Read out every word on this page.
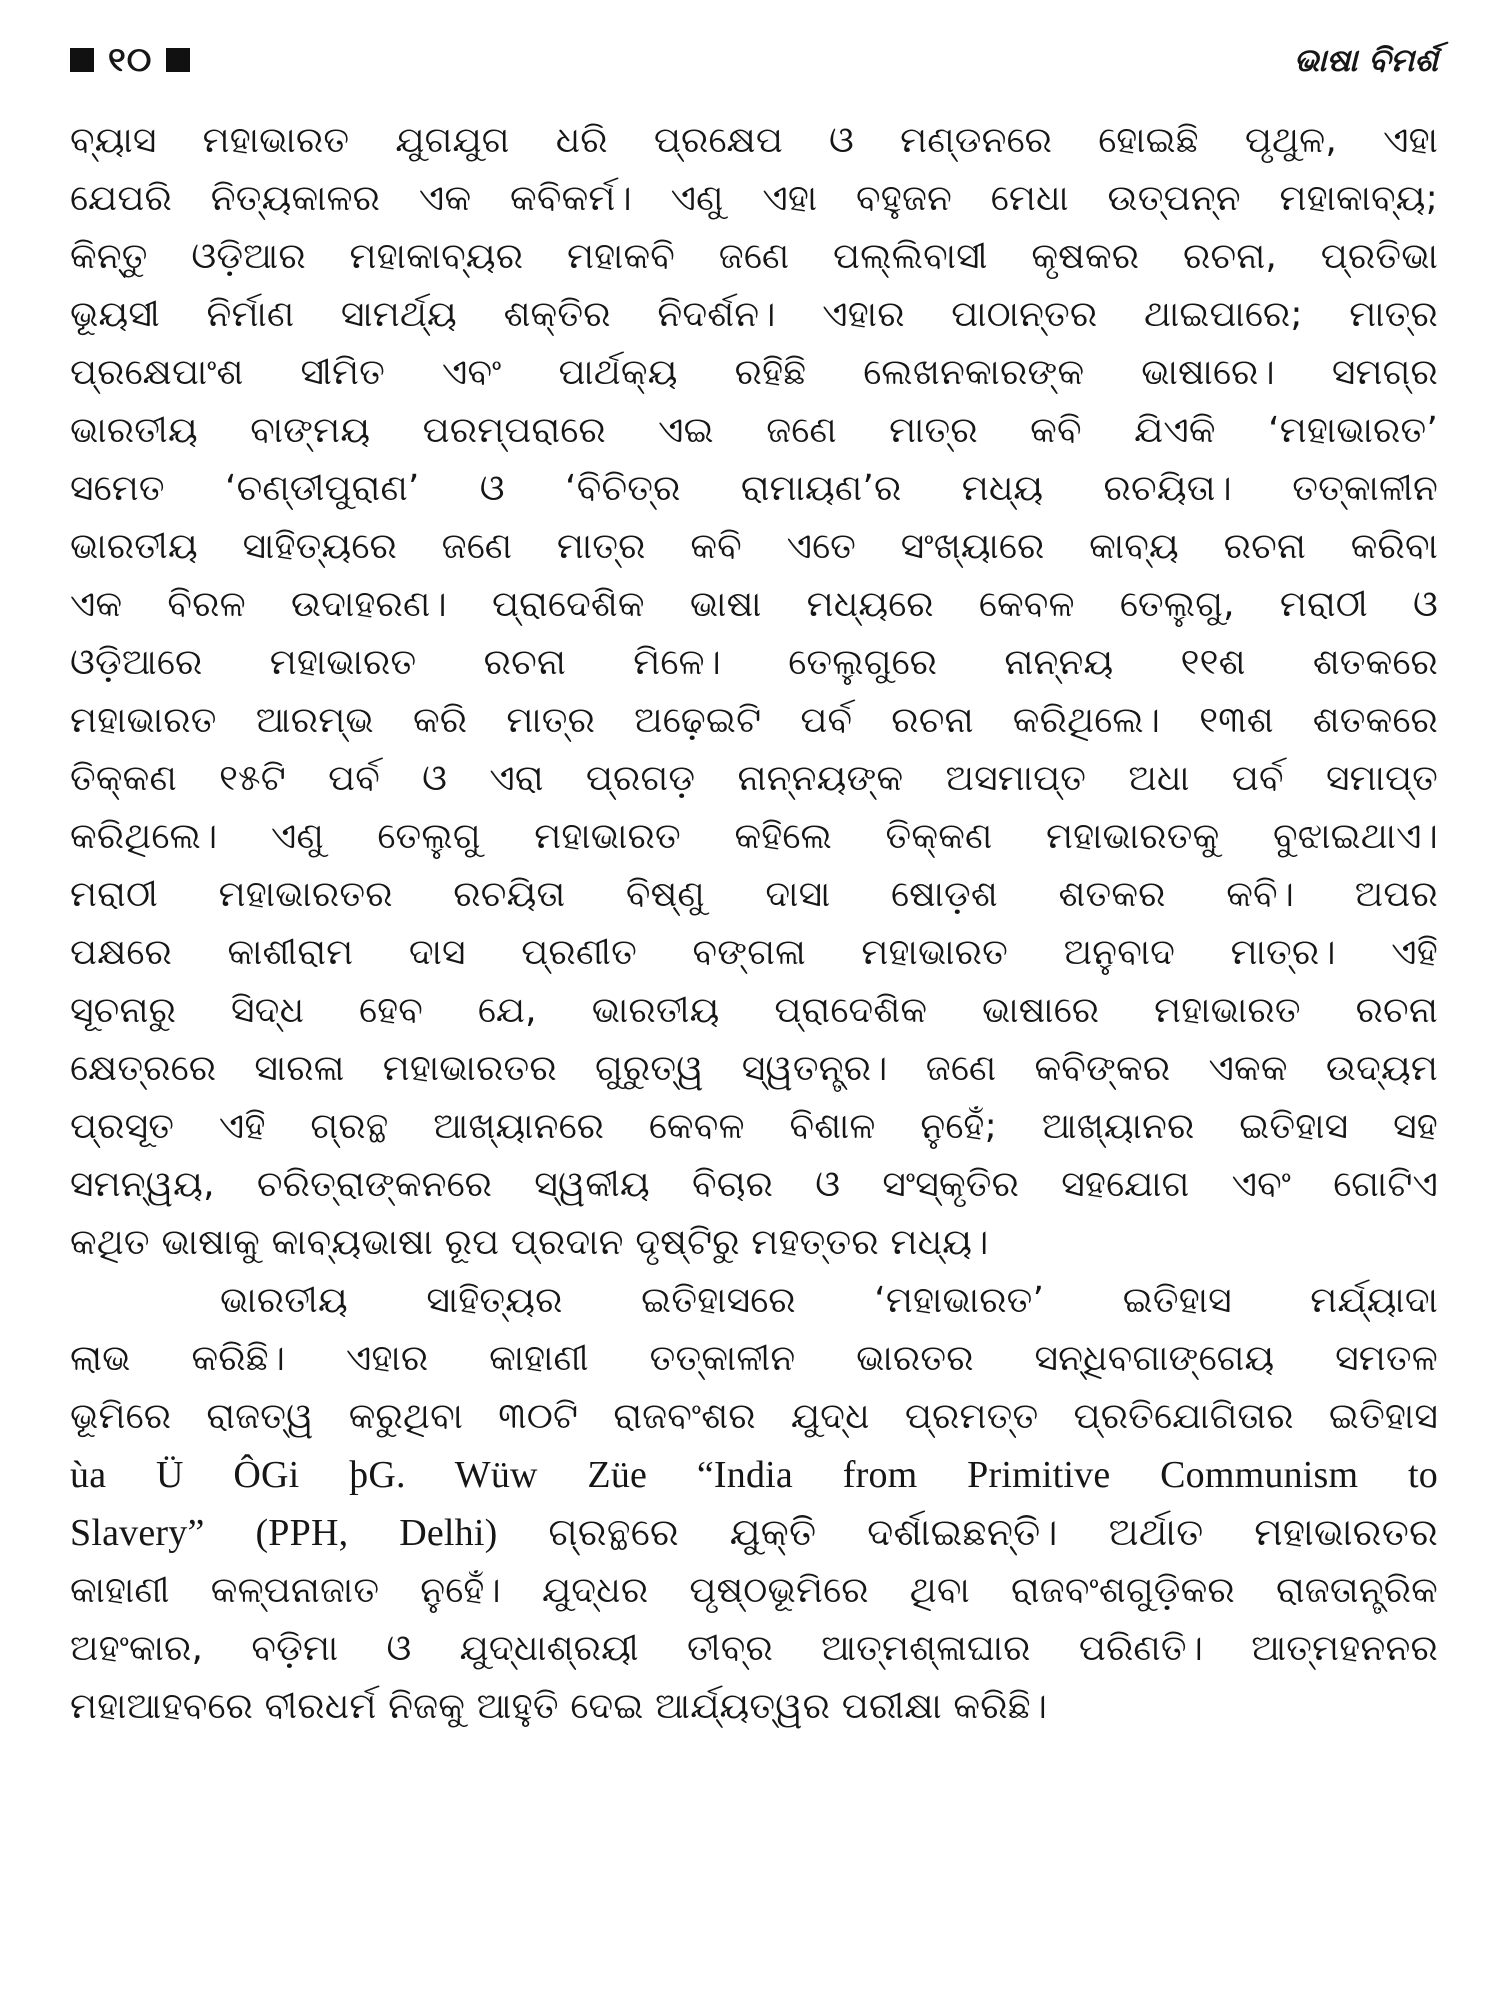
୧୦	ଭାଷା ବିମର୍ଶ
ବ୍ୟାସ ମହାଭାରତ ଯୁଗଯୁଗ ଧରି ପ୍ରକ୍ଷେପ ଓ ମଣ୍ଡନରେ ହୋଇଛି ପୃଥୁଳ, ଏହା
ଯେପରି ନିତ୍ୟକାଳର ଏକ କବିକର୍ମ। ଏଣୁ ଏହା ବହୁଜନ ମେଧା ଉତ୍ପନ୍ନ ମହାକାବ୍ୟ;
କିନ୍ତୁ ଓଡ଼ିଆର ମହାକାବ୍ୟର ମହାକବି ଜଣେ ପଲ୍ଲିବାସୀ କୃଷକର ରଚନା, ପ୍ରତିଭା
ଭୂୟସୀ ନିର୍ମାଣ ସାମର୍ଥ୍ୟ ଶକ୍ତିର ନିଦର୍ଶନ। ଏହାର ପାଠାନ୍ତର ଥାଇପାରେ; ମାତ୍ର
ପ୍ରକ୍ଷେପାଂଶ ସୀମିତ ଏବଂ ପାର୍ଥକ୍ୟ ରହିଛି ଲେଖନକାରଙ୍କ ଭାଷାରେ। ସମଗ୍ର
ଭାରତୀୟ ବାଙ୍ମୟ ପରମ୍ପରାରେ ଏଇ ଜଣେ ମାତ୍ର କବି ଯିଏକି ‘ମହାଭାରତ’
ସମେତ ‘ଚଣ୍ଡୀପୁରାଣ’ ଓ ‘ବିଚିତ୍ର ରାମାୟଣ’ର ମଧ୍ୟ ରଚୟିତା। ତତ୍କାଳୀନ
ଭାରତୀୟ ସାହିତ୍ୟରେ ଜଣେ ମାତ୍ର କବି ଏତେ ସଂଖ୍ୟାରେ କାବ୍ୟ ରଚନା କରିବା
ଏକ ବିରଳ ଉଦାହରଣ। ପ୍ରାଦେଶିକ ଭାଷା ମଧ୍ୟରେ କେବଳ ତେଲୁଗୁ, ମରାଠୀ ଓ
ଓଡ଼ିଆରେ ମହାଭାରତ ରଚନା ମିଳେ। ତେଲୁଗୁରେ ନାନ୍ନୟ ୧୧ଶ ଶତକରେ
ମହାଭାରତ ଆରମ୍ଭ କରି ମାତ୍ର ଅଢ଼େଇଟି ପର୍ବ ରଚନା କରିଥିଲେ। ୧୩ଶ ଶତକରେ
ତିକ୍କଣ ୧୫ଟି ପର୍ବ ଓ ଏରା ପ୍ରଗଡ଼ ନାନ୍ନୟଙ୍କ ଅସମାପ୍ତ ଅଧା ପର୍ବ ସମାପ୍ତ
କରିଥିଲେ। ଏଣୁ ତେଲୁଗୁ ମହାଭାରତ କହିଲେ ତିକ୍କଣ ମହାଭାରତକୁ ବୁଝାଇଥାଏ।
ମରାଠୀ ମହାଭାରତର ରଚୟିତା ବିଷ୍ଣୁ ଦାସା ଷୋଡ଼ଶ ଶତକର କବି। ଅପର
ପକ୍ଷରେ କାଶୀରାମ ଦାସ ପ୍ରଣୀତ ବଙ୍ଗଳା ମହାଭାରତ ଅନୁବାଦ ମାତ୍ର। ଏହି
ସୂଚନାରୁ ସିଦ୍ଧ ହେବ ଯେ, ଭାରତୀୟ ପ୍ରାଦେଶିକ ଭାଷାରେ ମହାଭାରତ ରଚନା
କ୍ଷେତ୍ରରେ ସାରଳା ମହାଭାରତର ଗୁରୁତ୍ୱ ସ୍ୱତନ୍ତ୍ର। ଜଣେ କବିଙ୍କର ଏକକ ଉଦ୍ୟମ
ପ୍ରସୂତ ଏହି ଗ୍ରନ୍ଥ ଆଖ୍ୟାନରେ କେବଳ ବିଶାଳ ନୁହେଁ; ଆଖ୍ୟାନର ଇତିହାସ ସହ
ସମନ୍ୱୟ, ଚରିତ୍ରାଙ୍କନରେ ସ୍ୱକୀୟ ବିଚାର ଓ ସଂସ୍କୃତିର ସହଯୋଗ ଏବଂ ଗୋଟିଏ
କଥିତ ଭାଷାକୁ କାବ୍ୟଭାଷା ରୂପ ପ୍ରଦାନ ଦୃଷ୍ଟିରୁ ମହତ୍ତର ମଧ୍ୟ।
ଭାରତୀୟ ସାହିତ୍ୟର ଇତିହାସରେ ‘ମହାଭାରତ’ ଇତିହାସ ମର୍ଯ୍ୟାଦା
ଲାଭ କରିଛି। ଏହାର କାହାଣୀ ତତ୍କାଳୀନ ଭାରତର ସନ୍ଧିବଗାଙ୍ଗେୟ ସମତଳ
ଭୂମିରେ ରାଜତ୍ୱ କରୁଥିବା ୩୦ଟି ରାଜବଂଶର ଯୁଦ୍ଧ ପ୍ରମତ୍ତ ପ୍ରତିଯୋଗିତାର ଇତିହାସ
ùa Ü ÔGi þG. Wüw Züe “India from Primitive Communism to
Slavery” (PPH, Delhi) ଗ୍ରନ୍ଥରେ ଯୁକ୍ତି ଦର୍ଶାଇଛନ୍ତି। ଅର୍ଥାତ ମହାଭାରତର
କାହାଣୀ କଳ୍ପନାଜାତ ନୁହେଁ। ଯୁଦ୍ଧର ପୃଷ୍ଠଭୂମିରେ ଥିବା ରାଜବଂଶଗୁଡ଼ିକର ରାଜତାନ୍ତ୍ରିକ
ଅହଂକାର, ବଡ଼ିମା ଓ ଯୁଦ୍ଧାଶ୍ରୟୀ ତୀବ୍ର ଆତ୍ମଶ୍ଳାଘାର ପରିଣତି। ଆତ୍ମହନନର
ମହାଆହବରେ ବୀରଧର୍ମ ନିଜକୁ ଆହୁତି ଦେଇ ଆର୍ଯ୍ୟତ୍ୱର ପରୀକ୍ଷା କରିଛି।
